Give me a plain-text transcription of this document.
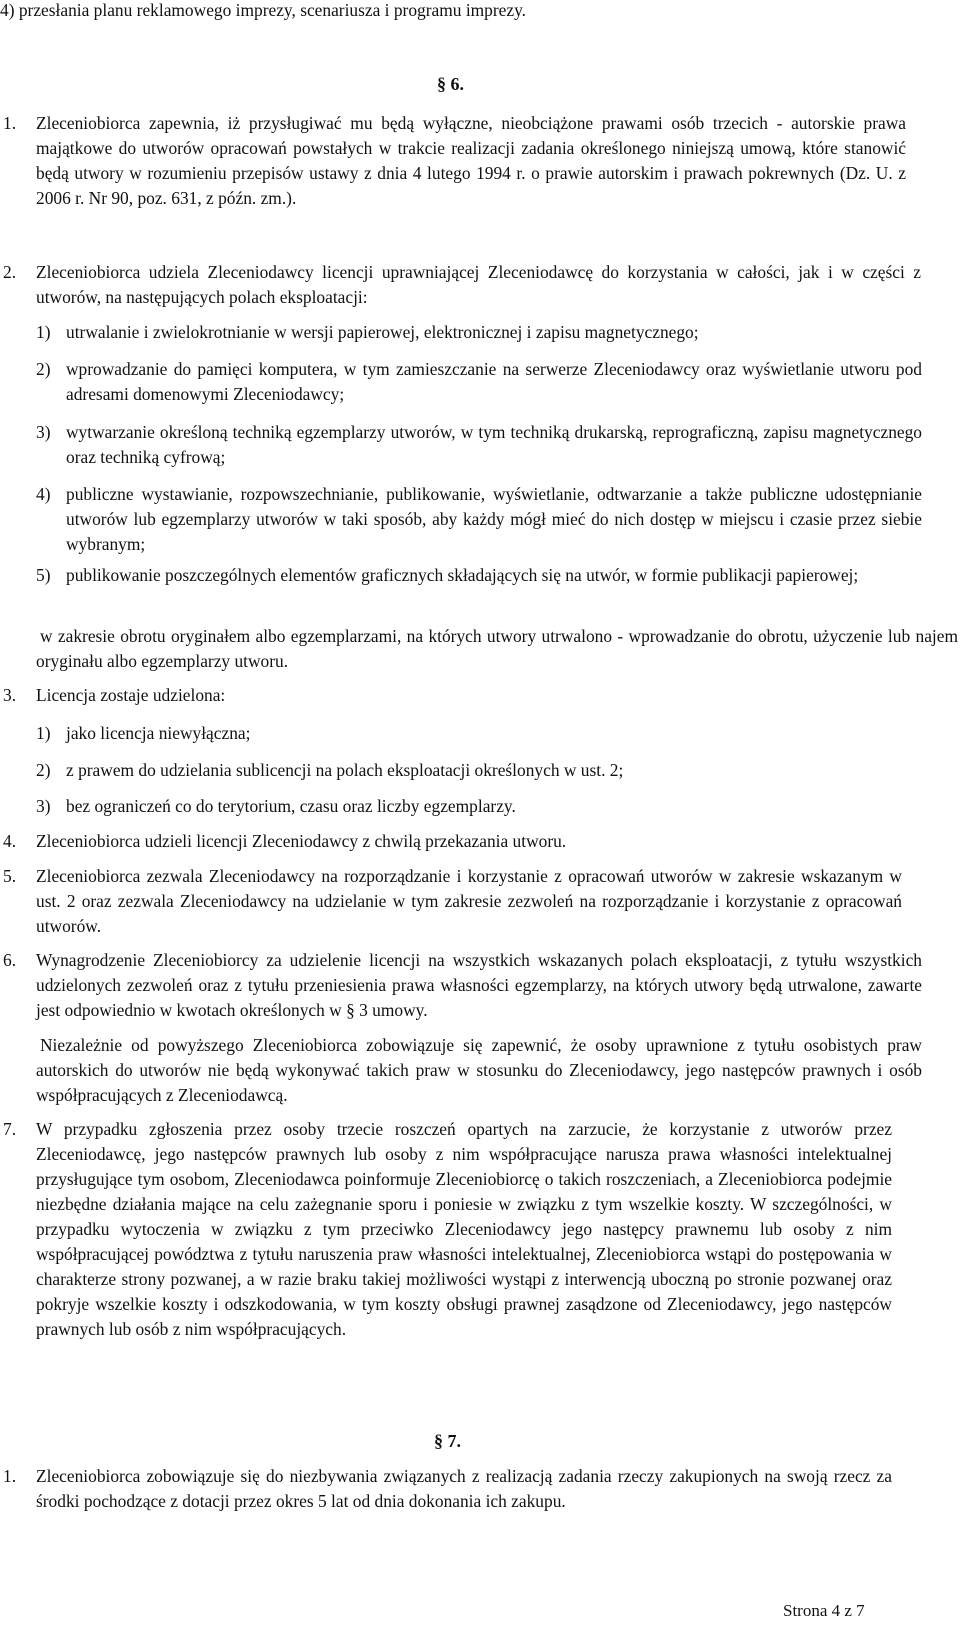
4) przesłania planu reklamowego imprezy, scenariusza i programu imprezy.

§ 6.
1. Zleceniobiorca zapewnia, iż przysługiwać mu będą wyłączne, nieobciążone prawami osób trzecich - autorskie prawa majątkowe do utworów opracowań powstałych w trakcie realizacji zadania określonego niniejszą umową, które stanowić będą utwory w rozumieniu przepisów ustawy z dnia 4 lutego 1994 r. o prawie autorskim i prawach pokrewnych (Dz. U. z 2006 r. Nr 90, poz. 631, z późn. zm.).

2. Zleceniobiorca udziela Zleceniodawcy licencji uprawniającej Zleceniodawcę do korzystania w całości, jak i w części z utworów, na następujących polach eksploatacji:

1) utrwalanie i zwielokrotnianie w wersji papierowej, elektronicznej i zapisu magnetycznego;

2) wprowadzanie do pamięci komputera, w tym zamieszczanie na serwerze Zleceniodawcy oraz wyświetlanie utworu pod adresami domenowymi Zleceniodawcy;

3) wytwarzanie określoną techniką egzemplarzy utworów, w tym techniką drukarską, reprograficzną, zapisu magnetycznego oraz techniką cyfrową;

4) publiczne wystawianie, rozpowszechnianie, publikowanie, wyświetlanie, odtwarzanie a także publiczne udostępnianie utworów lub egzemplarzy utworów w taki sposób, aby każdy mógł mieć do nich dostęp w miejscu i czasie przez siebie wybranym;

5) publikowanie poszczególnych elementów graficznych składających się na utwór, w formie publikacji papierowej;

w zakresie obrotu oryginałem albo egzemplarzami, na których utwory utrwalono - wprowadzanie do obrotu, użyczenie lub najem oryginału albo egzemplarzy utworu.

3. Licencja zostaje udzielona:

1) jako licencja niewyłączna;

2) z prawem do udzielania sublicencji na polach eksploatacji określonych w ust. 2;

3) bez ograniczeń co do terytorium, czasu oraz liczby egzemplarzy.

4. Zleceniobiorca udzieli licencji Zleceniodawcy z chwilą przekazania utworu.

5. Zleceniobiorca zezwala Zleceniodawcy na rozporządzanie i korzystanie z opracowań utworów w zakresie wskazanym w ust. 2 oraz zezwala Zleceniodawcy na udzielanie w tym zakresie zezwoleń na rozporządzanie i korzystanie z opracowań utworów.

6. Wynagrodzenie Zleceniobiorcy za udzielenie licencji na wszystkich wskazanych polach eksploatacji, z tytułu wszystkich udzielonych zezwoleń oraz z tytułu przeniesienia prawa własności egzemplarzy, na których utwory będą utrwalone, zawarte jest odpowiednio w kwotach określonych w § 3 umowy.

Niezależnie od powyższego Zleceniobiorca zobowiązuje się zapewnić, że osoby uprawnione z tytułu osobistych praw autorskich do utworów nie będą wykonywać takich praw w stosunku do Zleceniodawcy, jego następców prawnych i osób współpracujących z Zleceniodawcą.

7. W przypadku zgłoszenia przez osoby trzecie roszczeń opartych na zarzucie, że korzystanie z utworów przez Zleceniodawcę, jego następców prawnych lub osoby z nim współpracujące narusza prawa własności intelektualnej przysługujące tym osobom, Zleceniodawca poinformuje Zleceniobiorcę o takich roszczeniach, a Zleceniobiorca podejmie niezbędne działania mające na celu zażegnanie sporu i poniesie w związku z tym wszelkie koszty. W szczególności, w przypadku wytoczenia w związku z tym przeciwko Zleceniodawcy jego następcy prawnemu lub osoby z nim współpracującej powództwa z tytułu naruszenia praw własności intelektualnej, Zleceniobiorca wstąpi do postępowania w charakterze strony pozwanej, a w razie braku takiej możliwości wystąpi z interwencją uboczną po stronie pozwanej oraz pokryje wszelkie koszty i odszkodowania, w tym koszty obsługi prawnej zasądzone od Zleceniodawcy, jego następców prawnych lub osób z nim współpracujących.

§ 7.
1. Zleceniobiorca zobowiązuje się do niezbywania związanych z realizacją zadania rzeczy zakupionych na swoją rzecz za środki pochodzące z dotacji przez okres 5 lat od dnia dokonania ich zakupu.

Strona 4 z 7
